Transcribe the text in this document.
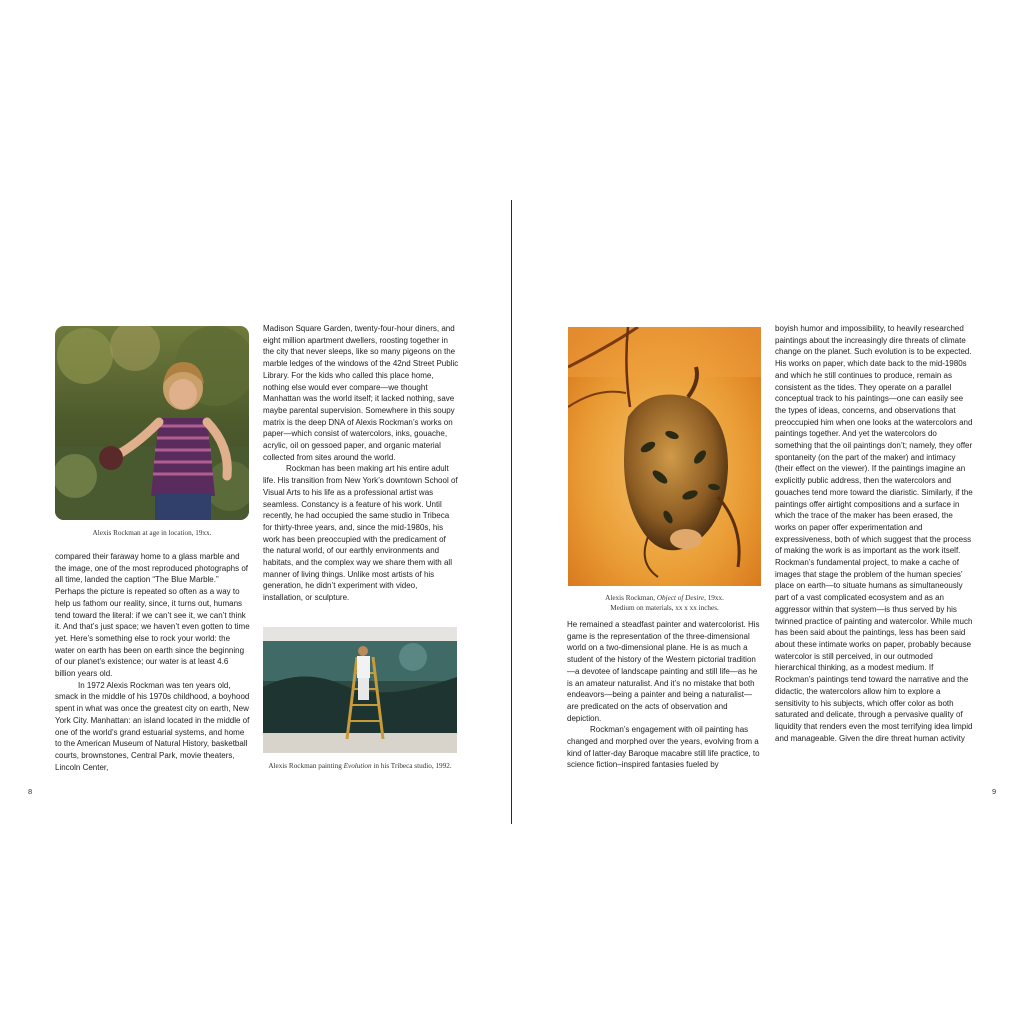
Alexis Rockman at age in location, 19xx.

compared their faraway home to a glass marble and the image, one of the most reproduced photographs of all time, landed the caption “The Blue Marble.” Perhaps the picture is repeated so often as a way to help us fathom our reality, since, it turns out, humans tend toward the literal: if we can’t see it, we can’t think it. And that’s just space; we haven’t even gotten to time yet. Here’s something else to rock your world: the water on earth has been on earth since the beginning of our planet’s existence; our water is at least 4.6 billion years old.

In 1972 Alexis Rockman was ten years old, smack in the middle of his 1970s childhood, a boyhood spent in what was once the greatest city on earth, New York City. Manhattan: an island located in the middle of one of the world’s grand estuarial systems, and home to the American Museum of Natural History, basketball courts, brownstones, Central Park, movie theaters, Lincoln Center,

Madison Square Garden, twenty-four-hour diners, and eight million apartment dwellers, roosting together in the city that never sleeps, like so many pigeons on the marble ledges of the windows of the 42nd Street Public Library. For the kids who called this place home, nothing else would ever compare—we thought Manhattan was the world itself; it lacked nothing, save maybe parental supervision. Somewhere in this soupy matrix is the deep DNA of Alexis Rockman’s works on paper—which consist of watercolors, inks, gouache, acrylic, oil on gessoed paper, and organic material collected from sites around the world.

Rockman has been making art his entire adult life. His transition from New York’s downtown School of Visual Arts to his life as a professional artist was seamless. Constancy is a feature of his work. Until recently, he had occupied the same studio in Tribeca for thirty-three years, and, since the mid-1980s, his work has been preoccupied with the predicament of the natural world, of our earthly environments and habitats, and the complex way we share them with all manner of living things. Unlike most artists of his generation, he didn’t experiment with video, installation, or sculpture.

Alexis Rockman painting Evolution in his Tribeca studio, 1992.
8
Alexis Rockman, Object of Desire, 19xx.
Medium on materials, xx x xx inches.

He remained a steadfast painter and watercolorist. His game is the representation of the three-dimensional world on a two-dimensional plane. He is as much a student of the history of the Western pictorial tradition—a devotee of landscape painting and still life—as he is an amateur naturalist. And it’s no mistake that both endeavors—being a painter and being a naturalist—are predicated on the acts of observation and depiction.

Rockman’s engagement with oil painting has changed and morphed over the years, evolving from a kind of latter-day Baroque macabre still life practice, to science fiction–inspired fantasies fueled by

boyish humor and impossibility, to heavily researched paintings about the increasingly dire threats of climate change on the planet. Such evolution is to be expected. His works on paper, which date back to the mid-1980s and which he still continues to produce, remain as consistent as the tides. They operate on a parallel conceptual track to his paintings—one can easily see the types of ideas, concerns, and observations that preoccupied him when one looks at the watercolors and paintings together. And yet the watercolors do something that the oil paintings don’t; namely, they offer spontaneity (on the part of the maker) and intimacy (their effect on the viewer). If the paintings imagine an explicitly public address, then the watercolors and gouaches tend more toward the diaristic. Similarly, if the paintings offer airtight compositions and a surface in which the trace of the maker has been erased, the works on paper offer experimentation and expressiveness, both of which suggest that the process of making the work is as important as the work itself. Rockman’s fundamental project, to make a cache of images that stage the problem of the human species’ place on earth—to situate humans as simultaneously part of a vast complicated ecosystem and as an aggressor within that system—is thus served by his twinned practice of painting and watercolor. While much has been said about the paintings, less has been said about these intimate works on paper, probably because watercolor is still perceived, in our outmoded hierarchical thinking, as a modest medium. If Rockman’s paintings tend toward the narrative and the didactic, the watercolors allow him to explore a sensitivity to his subjects, which offer color as both saturated and delicate, through a pervasive quality of liquidity that renders even the most terrifying idea limpid and manageable. Given the dire threat human activity

9
